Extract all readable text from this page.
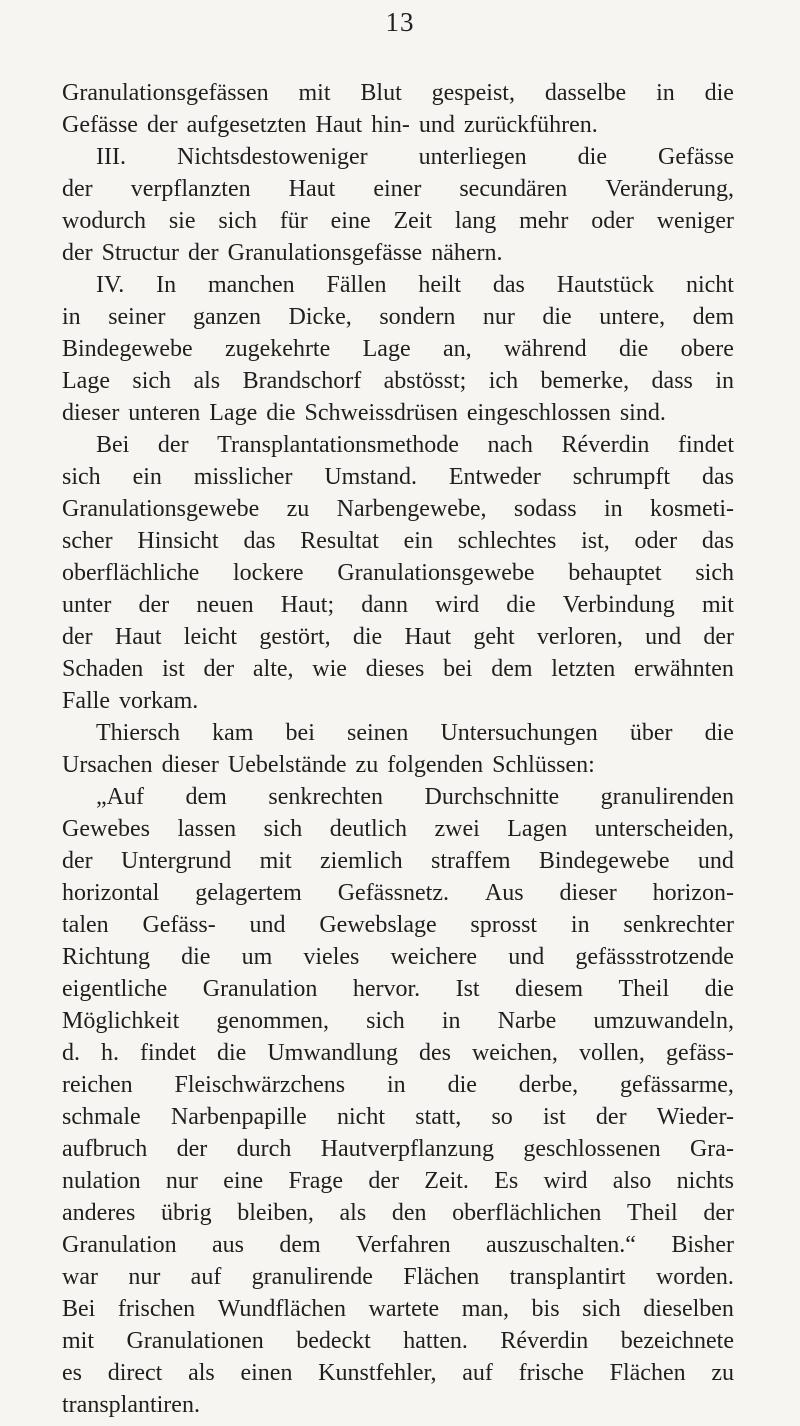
13
Granulationsgefässen mit Blut gespeist, dasselbe in die
Gefässe der aufgesetzten Haut hin- und zurückführen.
III. Nichtsdestoweniger unterliegen die Gefässe
der verpflanzten Haut einer secundären Veränderung,
wodurch sie sich für eine Zeit lang mehr oder weniger
der Structur der Granulationsgefässe nähern.
IV. In manchen Fällen heilt das Hautstück nicht
in seiner ganzen Dicke, sondern nur die untere, dem
Bindegewebe zugekehrte Lage an, während die obere
Lage sich als Brandschorf abstösst; ich bemerke, dass in
dieser unteren Lage die Schweissdrüsen eingeschlossen sind.
Bei der Transplantationsmethode nach Réverdin findet
sich ein misslicher Umstand. Entweder schrumpft das
Granulationsgewebe zu Narbengewebe, sodass in kosmeti-
scher Hinsicht das Resultat ein schlechtes ist, oder das
oberflächliche lockere Granulationsgewebe behauptet sich
unter der neuen Haut; dann wird die Verbindung mit
der Haut leicht gestört, die Haut geht verloren, und der
Schaden ist der alte, wie dieses bei dem letzten erwähnten
Falle vorkam.
Thiersch kam bei seinen Untersuchungen über die
Ursachen dieser Uebelstände zu folgenden Schlüssen:
„Auf dem senkrechten Durchschnitte granulirenden
Gewebes lassen sich deutlich zwei Lagen unterscheiden,
der Untergrund mit ziemlich straffem Bindegewebe und
horizontal gelagertem Gefässnetz. Aus dieser horizon-
talen Gefäss- und Gewebslage sprosst in senkrechter
Richtung die um vieles weichere und gefässstrotzende
eigentliche Granulation hervor. Ist diesem Theil die
Möglichkeit genommen, sich in Narbe umzuwandeln,
d. h. findet die Umwandlung des weichen, vollen, gefäss-
reichen Fleischwärzchens in die derbe, gefässarme,
schmale Narbenpapille nicht statt, so ist der Wieder-
aufbruch der durch Hautverpflanzung geschlossenen Gra-
nulation nur eine Frage der Zeit. Es wird also nichts
anderes übrig bleiben, als den oberflächlichen Theil der
Granulation aus dem Verfahren auszuschalten.“ Bisher
war nur auf granulirende Flächen transplantirt worden.
Bei frischen Wundflächen wartete man, bis sich dieselben
mit Granulationen bedeckt hatten. Réverdin bezeichnete
es direct als einen Kunstfehler, auf frische Flächen zu
transplantiren.
